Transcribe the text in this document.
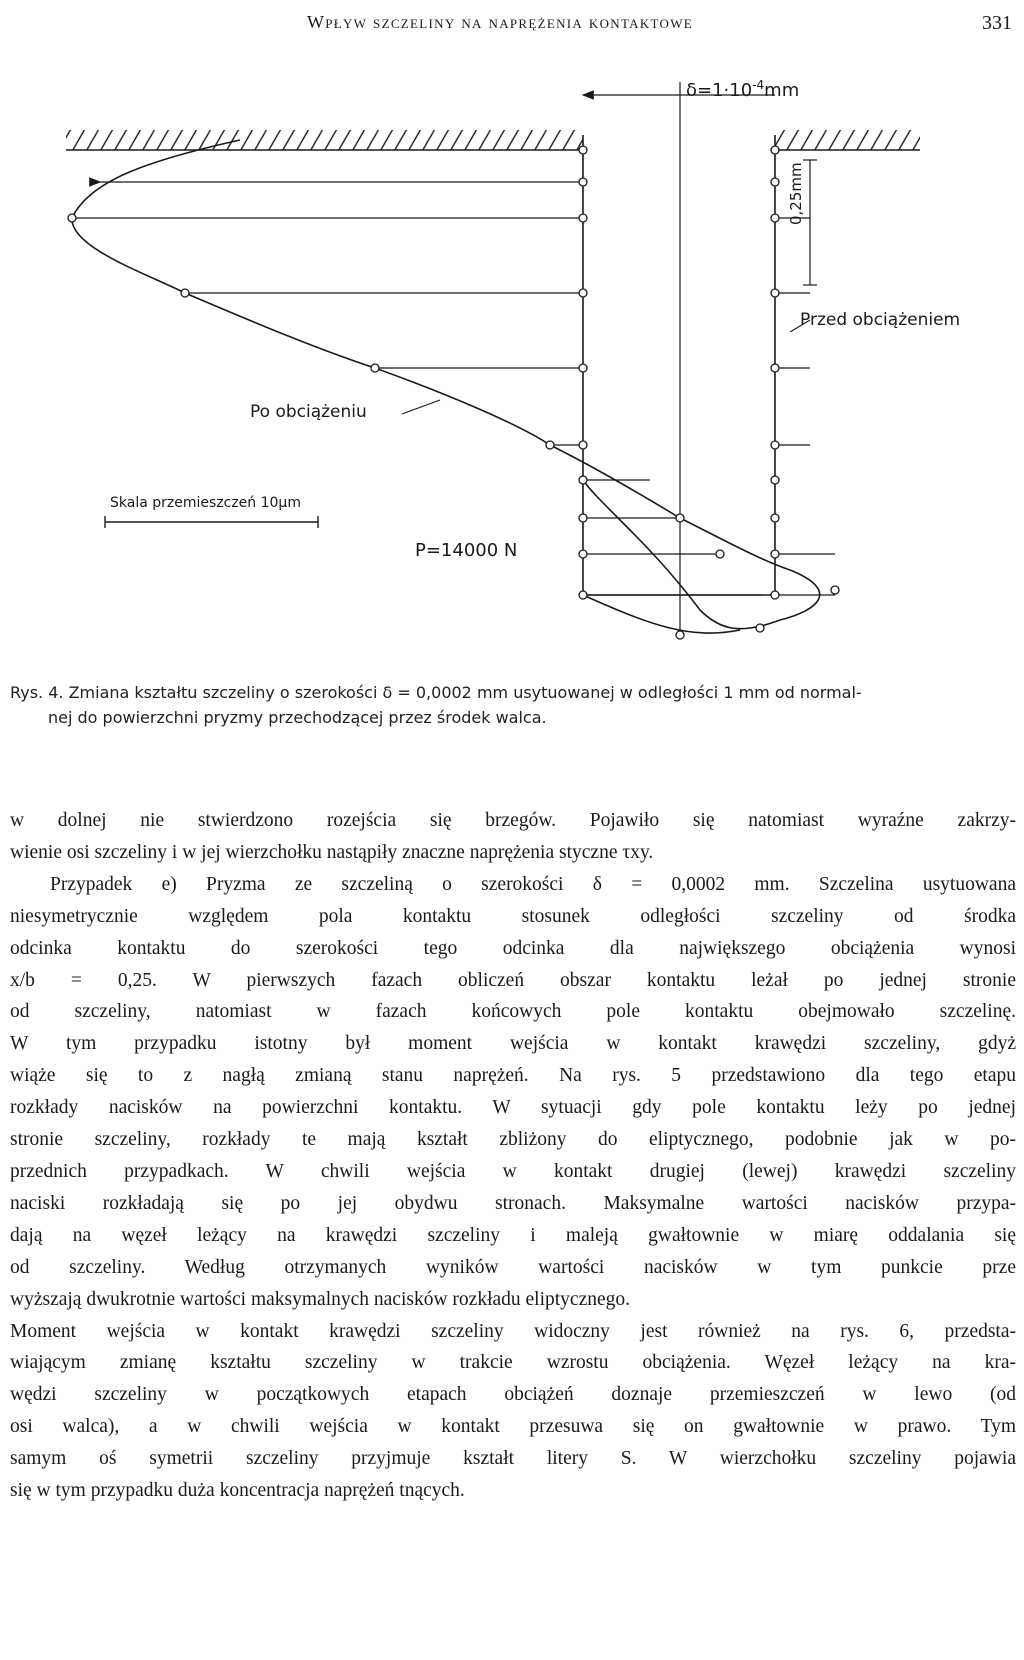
Wpływ szczeliny na naprężenia kontaktowe	331
$\delta=1\cdot 10^{-4}mm$
0,25mm
Przed obciążeniem
Po obciążeniu
Skala przemieszczeń 10μm
P=14000 N
Rys. 4. Zmiana kształtu szczeliny o szerokości δ = 0,0002 mm usytuowanej w odległości 1 mm od normal-
nej do powierzchni pryzmy przechodzącej przez środek walca.
w dolnej nie stwierdzono rozejścia się brzegów. Pojawiło się natomiast wyraźne zakrzy-
wienie osi szczeliny i w jej wierzchołku nastąpiły znaczne naprężenia styczne τxy.
Przypadek e) Pryzma ze szczeliną o szerokości δ = 0,0002 mm. Szczelina usytuowana
niesymetrycznie względem pola kontaktu stosunek odległości szczeliny od środka
odcinka kontaktu do szerokości tego odcinka dla największego obciążenia wynosi
x/b = 0,25. W pierwszych fazach obliczeń obszar kontaktu leżał po jednej stronie
od szczeliny, natomiast w fazach końcowych pole kontaktu obejmowało szczelinę.
W tym przypadku istotny był moment wejścia w kontakt krawędzi szczeliny, gdyż
wiąże się to z nagłą zmianą stanu naprężeń. Na rys. 5 przedstawiono dla tego etapu
rozkłady nacisków na powierzchni kontaktu. W sytuacji gdy pole kontaktu leży po jednej
stronie szczeliny, rozkłady te mają kształt zbliżony do eliptycznego, podobnie jak w po-
przednich przypadkach. W chwili wejścia w kontakt drugiej (lewej) krawędzi szczeliny
naciski rozkładają się po jej obydwu stronach. Maksymalne wartości nacisków przypa-
dają na węzeł leżący na krawędzi szczeliny i maleją gwałtownie w miarę oddalania się
od szczeliny. Według otrzymanych wyników wartości nacisków w tym punkcie prze
wyższają dwukrotnie wartości maksymalnych nacisków rozkładu eliptycznego.
Moment wejścia w kontakt krawędzi szczeliny widoczny jest również na rys. 6, przedsta-
wiającym zmianę kształtu szczeliny w trakcie wzrostu obciążenia. Węzeł leżący na kra-
wędzi szczeliny w początkowych etapach obciążeń doznaje przemieszczeń w lewo (od
osi walca), a w chwili wejścia w kontakt przesuwa się on gwałtownie w prawo. Tym
samym oś symetrii szczeliny przyjmuje kształt litery S. W wierzchołku szczeliny pojawia
się w tym przypadku duża koncentracja naprężeń tnących.
